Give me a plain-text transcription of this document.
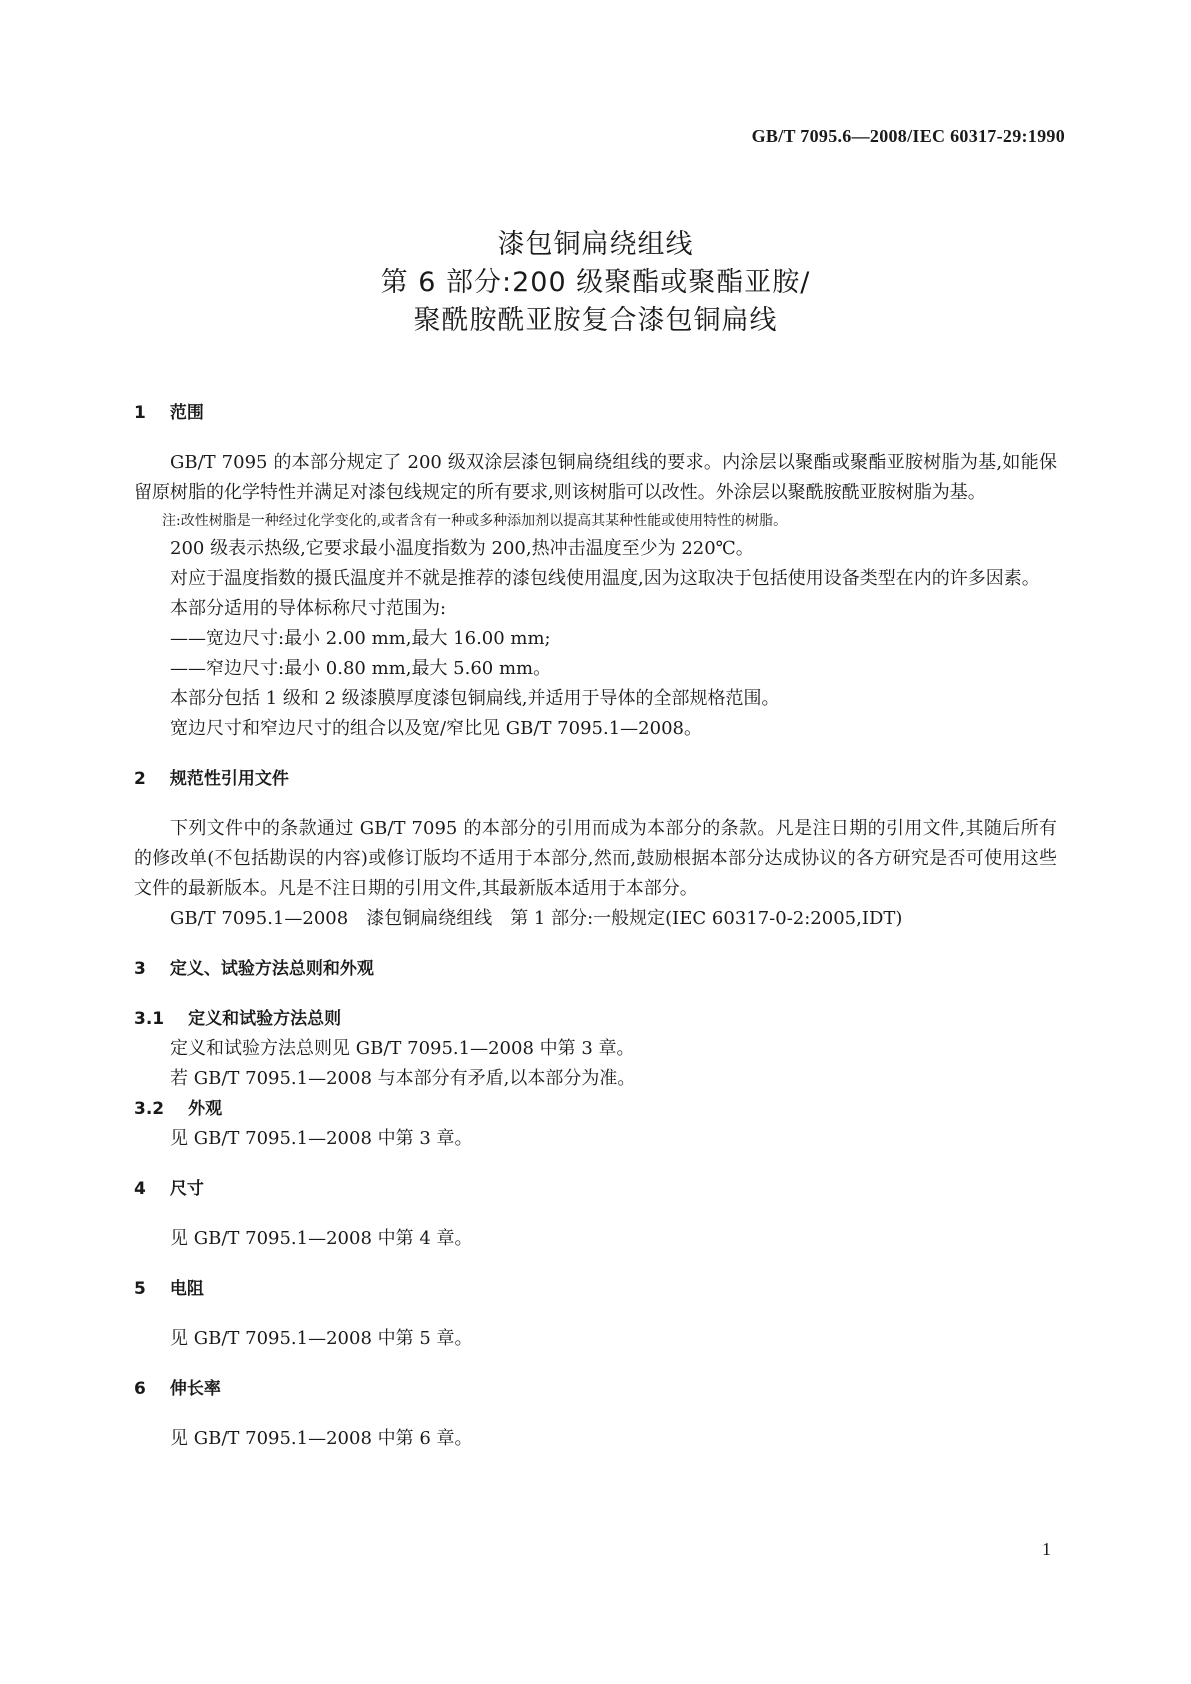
GB/T 7095.6—2008/IEC 60317-29:1990
漆包铜扁绕组线
第 6 部分:200 级聚酯或聚酯亚胺/
聚酰胺酰亚胺复合漆包铜扁线
1 范围

GB/T 7095 的本部分规定了 200 级双涂层漆包铜扁绕组线的要求。内涂层以聚酯或聚酯亚胺树脂为基,如能保留原树脂的化学特性并满足对漆包线规定的所有要求,则该树脂可以改性。外涂层以聚酰胺酰亚胺树脂为基。

注:改性树脂是一种经过化学变化的,或者含有一种或多种添加剂以提高其某种性能或使用特性的树脂。

200 级表示热级,它要求最小温度指数为 200,热冲击温度至少为 220℃。

对应于温度指数的摄氏温度并不就是推荐的漆包线使用温度,因为这取决于包括使用设备类型在内的许多因素。

本部分适用的导体标称尺寸范围为:

——宽边尺寸:最小 2.00 mm,最大 16.00 mm;

——窄边尺寸:最小 0.80 mm,最大 5.60 mm。

本部分包括 1 级和 2 级漆膜厚度漆包铜扁线,并适用于导体的全部规格范围。

宽边尺寸和窄边尺寸的组合以及宽/窄比见 GB/T 7095.1—2008。

2 规范性引用文件

下列文件中的条款通过 GB/T 7095 的本部分的引用而成为本部分的条款。凡是注日期的引用文件,其随后所有的修改单(不包括勘误的内容)或修订版均不适用于本部分,然而,鼓励根据本部分达成协议的各方研究是否可使用这些文件的最新版本。凡是不注日期的引用文件,其最新版本适用于本部分。

GB/T 7095.1—2008　漆包铜扁绕组线　第 1 部分:一般规定(IEC 60317-0-2:2005,IDT)

3 定义、试验方法总则和外观
3.1 定义和试验方法总则

定义和试验方法总则见 GB/T 7095.1—2008 中第 3 章。

若 GB/T 7095.1—2008 与本部分有矛盾,以本部分为准。

3.2 外观

见 GB/T 7095.1—2008 中第 3 章。

4 尺寸

见 GB/T 7095.1—2008 中第 4 章。

5 电阻

见 GB/T 7095.1—2008 中第 5 章。

6 伸长率

见 GB/T 7095.1—2008 中第 6 章。

1
